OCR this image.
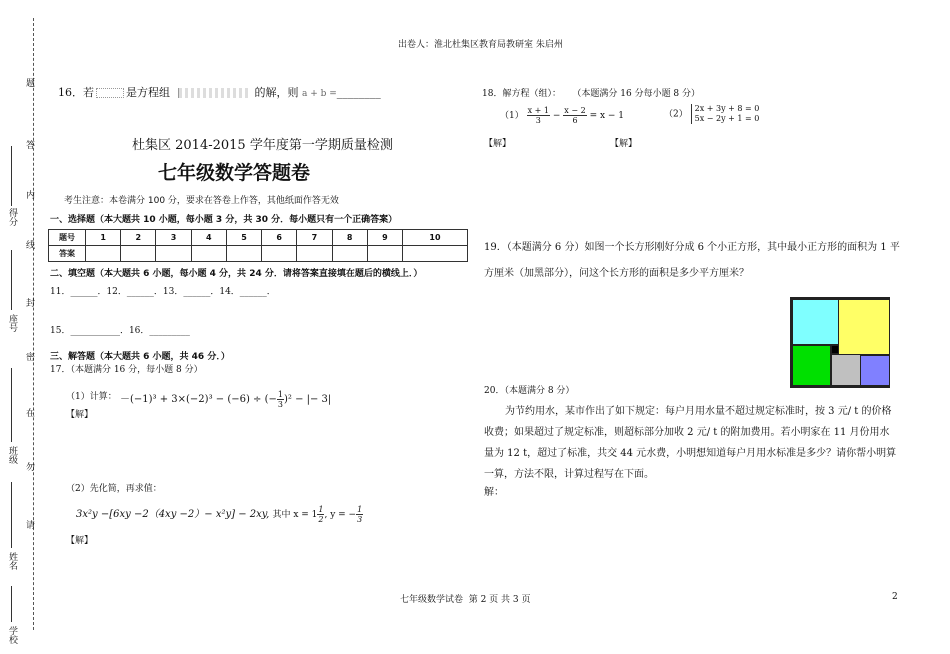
出卷人：淮北杜集区教育局教研室 朱启州
得分
座号
班级
姓名
学校
题
答
内
线
封
密
在
勿
请
16．若	是方程组	的解，则 a + b =________
杜集区 2014-2015 学年度第一学期质量检测
七年级数学答题卷
考生注意：本卷满分 100 分，要求在答卷上作答，其他纸面作答无效
一、选择题（本大题共 10 小题，每小题 3 分，共 30 分．每小题只有一个正确答案）
题号	1	2	3	4	5	6	7	8	9	10
答案										
二、填空题（本大题共 6 小题，每小题 4 分，共 24 分．请将答案直接填在题后的横线上．）
11．______．12．______．13．______．14．______．
15．___________．16．_________
三、解答题（本大题共 6 小题，共 46 分．）
17．（本题满分 16 分，每小题 8 分）
（1）计算： －(−1)³ + 3×(−2)³ − (−6) ÷ (− $\frac{1}{3} )^2$ − |− 3|
【解】
（2）先化简，再求值：
3x²y −[6xy −2（4xy −2）− x²y] − 2xy, 其中 $x = 1 \frac{1}{2}$ , y = − $\frac{1}{3}$
【解】
18．解方程（组）：    （本题满分 16 分每小题 8 分）
$(1) \frac{x + 1}{3} - \frac{x - 2}{6} = x - 1$	（2）
2x + 3y + 8 = 0
5x − 2y + 1 = 0
【解】	【解】
19．（本题满分 6 分）如图一个长方形刚好分成 6 个小正方形，其中最小正方形的面积为 1 平
方厘米（加黑部分），问这个长方形的面积是多少平方厘米？
20．（本题满分 8 分）
为节约用水，某市作出了如下规定：每户月用水量不超过规定标准时，按 3 元/ t 的价格
收费；如果超过了规定标准，则超标部分加收 2 元/ t 的附加费用。若小明家在 11 月份用水
量为 12 t，超过了标准，共交 44 元水费，小明想知道每户月用水标准是多少？请你帮小明算
一算，方法不限，计算过程写在下面。
解：
七年级数学试卷  第 2 页 共 3 页	2
